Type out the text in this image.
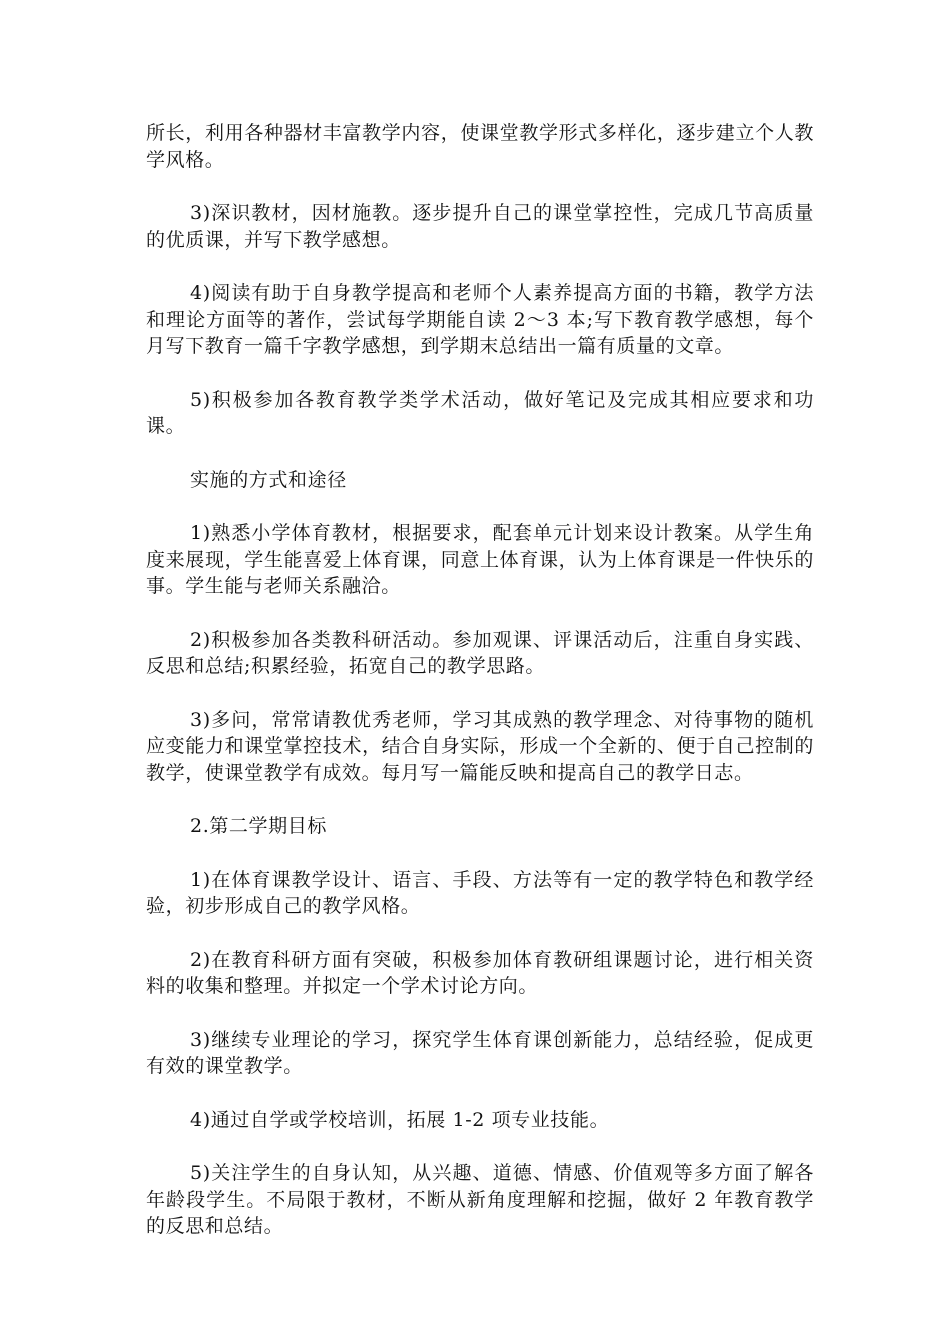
所长，利用各种器材丰富教学内容，使课堂教学形式多样化，逐步建立个人教学风格。

3)深识教材，因材施教。逐步提升自己的课堂掌控性，完成几节高质量的优质课，并写下教学感想。

4)阅读有助于自身教学提高和老师个人素养提高方面的书籍，教学方法和理论方面等的著作，尝试每学期能自读 2～3 本;写下教育教学感想，每个月写下教育一篇千字教学感想，到学期末总结出一篇有质量的文章。

5)积极参加各教育教学类学术活动，做好笔记及完成其相应要求和功课。

实施的方式和途径

1)熟悉小学体育教材，根据要求，配套单元计划来设计教案。从学生角度来展现，学生能喜爱上体育课，同意上体育课，认为上体育课是一件快乐的事。学生能与老师关系融洽。

2)积极参加各类教科研活动。参加观课、评课活动后，注重自身实践、反思和总结;积累经验，拓宽自己的教学思路。

3)多问，常常请教优秀老师，学习其成熟的教学理念、对待事物的随机应变能力和课堂掌控技术，结合自身实际，形成一个全新的、便于自己控制的教学，使课堂教学有成效。每月写一篇能反映和提高自己的教学日志。

2.第二学期目标

1)在体育课教学设计、语言、手段、方法等有一定的教学特色和教学经验，初步形成自己的教学风格。

2)在教育科研方面有突破，积极参加体育教研组课题讨论，进行相关资料的收集和整理。并拟定一个学术讨论方向。

3)继续专业理论的学习，探究学生体育课创新能力，总结经验，促成更有效的课堂教学。

4)通过自学或学校培训，拓展 1-2 项专业技能。

5)关注学生的自身认知，从兴趣、道德、情感、价值观等多方面了解各年龄段学生。不局限于教材，不断从新角度理解和挖掘，做好 2 年教育教学的反思和总结。
